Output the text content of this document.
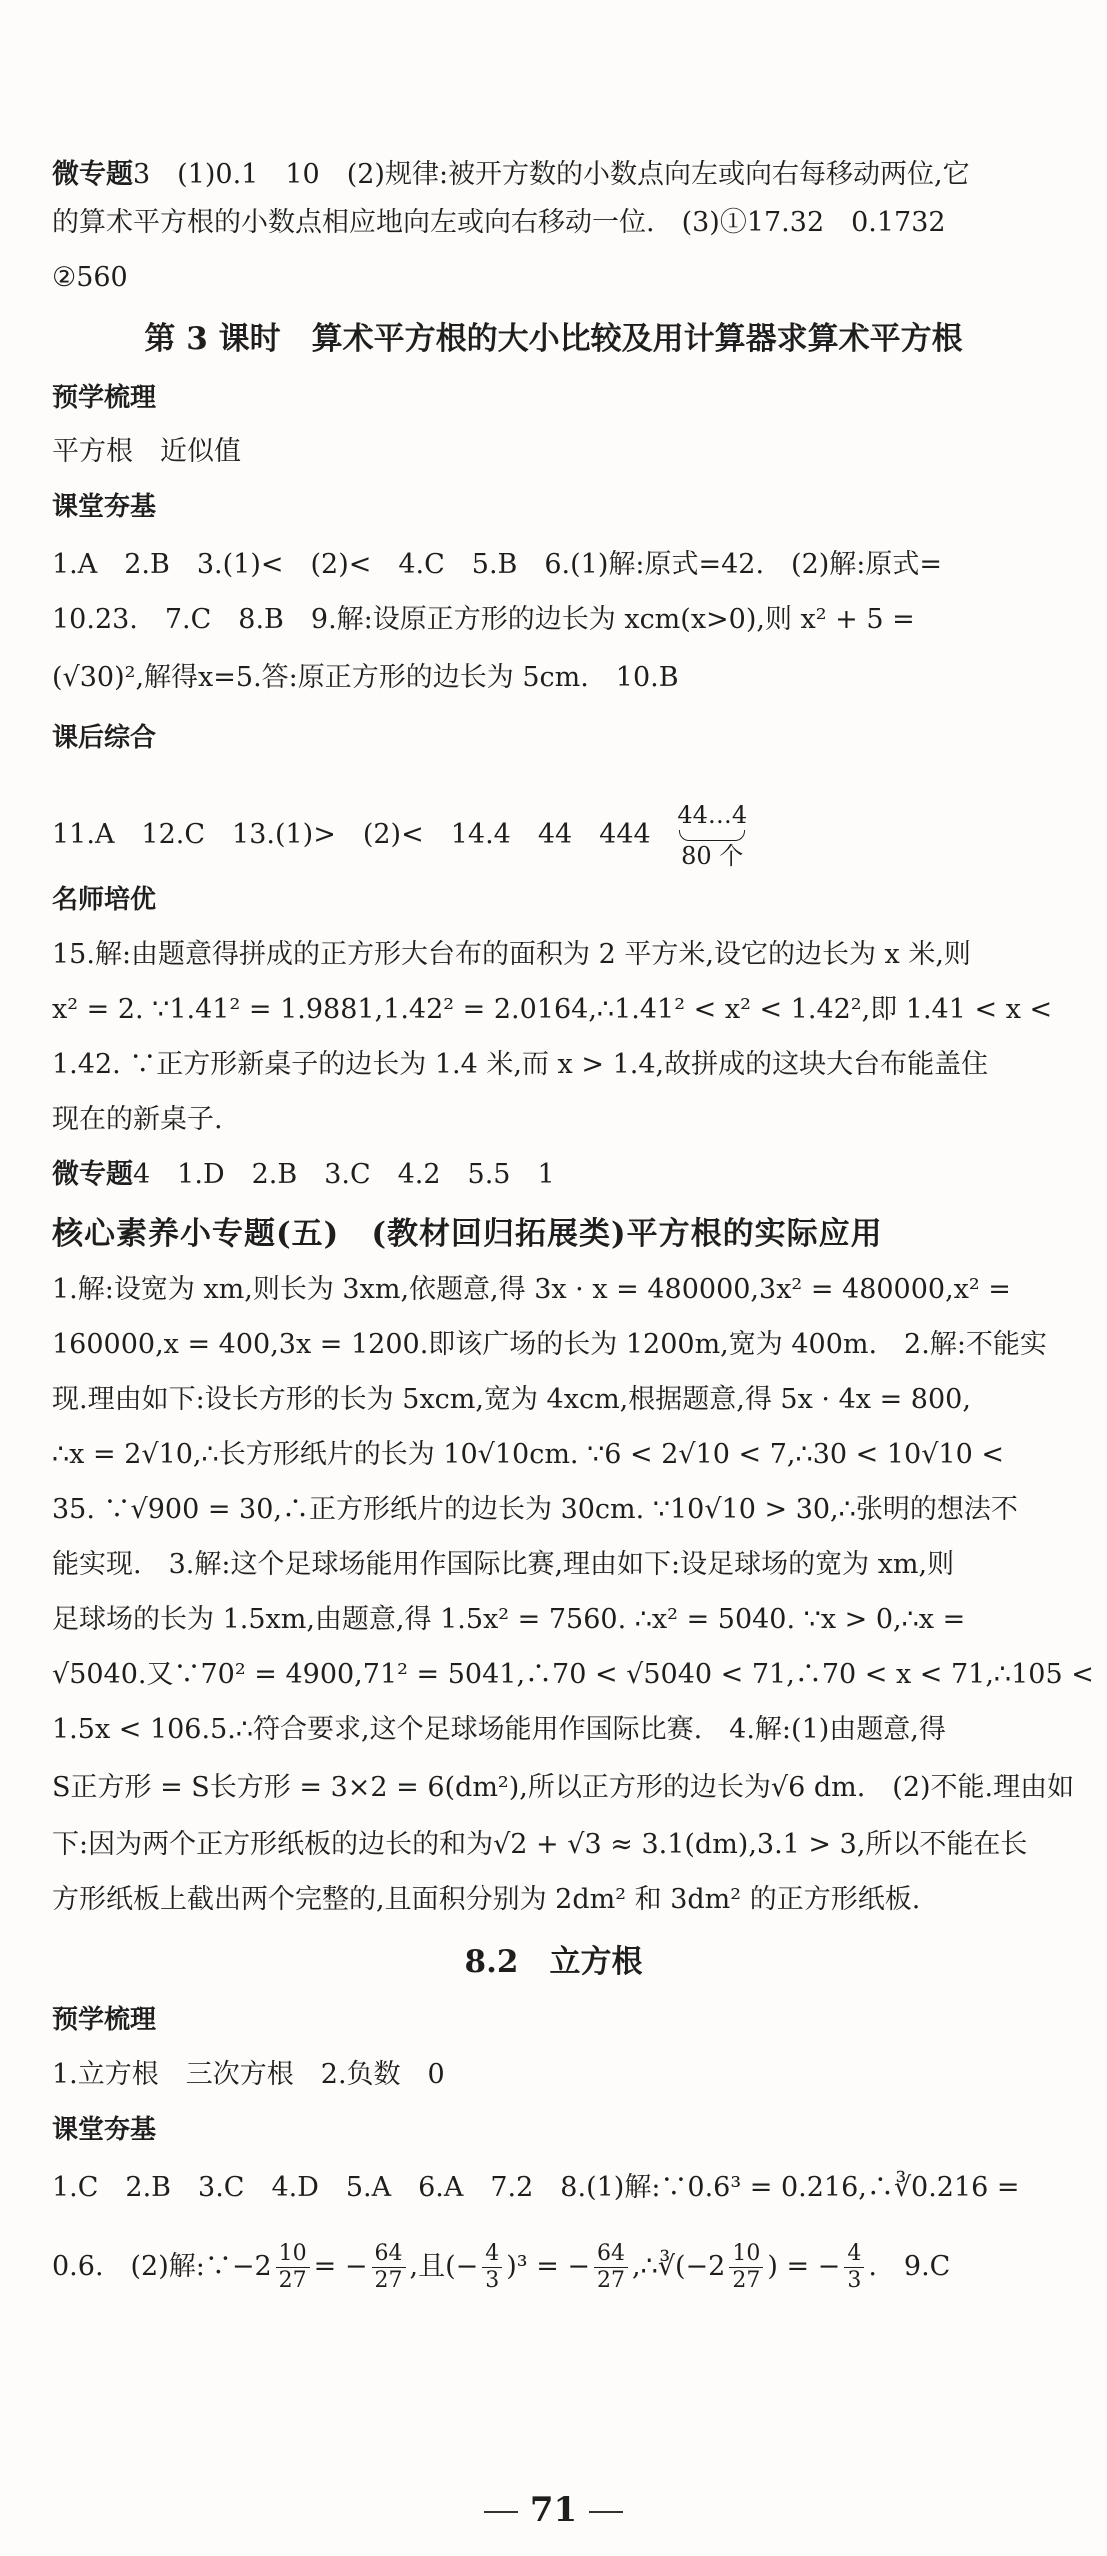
微专题3　(1)0.1　10　(2)规律:被开方数的小数点向左或向右每移动两位,它
的算术平方根的小数点相应地向左或向右移动一位.　(3)①17.32　0.1732
②560
第 3 课时　算术平方根的大小比较及用计算器求算术平方根
预学梳理
平方根　近似值
课堂夯基
1.A　2.B　3.(1)<　(2)<　4.C　5.B　6.(1)解:原式=42.　(2)解:原式=
10.23.　7.C　8.B　9.解:设原正方形的边长为 xcm(x>0),则 x² + 5 =
(√30)²,解得x=5.答:原正方形的边长为 5cm.　10.B
课后综合
11.A　12.C　13.(1)>　(2)<　14.4　44　444
44…4
80 个
名师培优
15.解:由题意得拼成的正方形大台布的面积为 2 平方米,设它的边长为 x 米,则
x² = 2. ∵1.41² = 1.9881,1.42² = 2.0164,∴1.41² < x² < 1.42²,即 1.41 < x <
1.42. ∵正方形新桌子的边长为 1.4 米,而 x > 1.4,故拼成的这块大台布能盖住
现在的新桌子.
微专题4　1.D　2.B　3.C　4.2　5.5　1
核心素养小专题(五)　(教材回归拓展类)平方根的实际应用
1.解:设宽为 xm,则长为 3xm,依题意,得 3x · x = 480000,3x² = 480000,x² =
160000,x = 400,3x = 1200.即该广场的长为 1200m,宽为 400m.　2.解:不能实
现.理由如下:设长方形的长为 5xcm,宽为 4xcm,根据题意,得 5x · 4x = 800,
∴x = 2√10,∴长方形纸片的长为 10√10cm. ∵6 < 2√10 < 7,∴30 < 10√10 <
35. ∵√900 = 30,∴正方形纸片的边长为 30cm. ∵10√10 > 30,∴张明的想法不
能实现.　3.解:这个足球场能用作国际比赛,理由如下:设足球场的宽为 xm,则
足球场的长为 1.5xm,由题意,得 1.5x² = 7560. ∴x² = 5040. ∵x > 0,∴x =
√5040.又∵70² = 4900,71² = 5041,∴70 < √5040 < 71,∴70 < x < 71,∴105 <
1.5x < 106.5.∴符合要求,这个足球场能用作国际比赛.　4.解:(1)由题意,得
S正方形 = S长方形 = 3×2 = 6(dm²),所以正方形的边长为√6 dm.　(2)不能.理由如
下:因为两个正方形纸板的边长的和为√2 + √3 ≈ 3.1(dm),3.1 > 3,所以不能在长
方形纸板上截出两个完整的,且面积分别为 2dm² 和 3dm² 的正方形纸板.
8.2　立方根
预学梳理
1.立方根　三次方根　2.负数　0
课堂夯基
1.C　2.B　3.C　4.D　5.A　6.A　7.2　8.(1)解:∵0.6³ = 0.216,∴∛0.216 =
0.6.　(2)解:∵−2 $\frac{10}{27}$ = − $\frac{64}{27}$ ,且(− $\frac{4}{3} )^3$ = − $\frac{64}{27}$ ,∴∛(−2 $\frac{10}{27}$ ) = − $\frac{4}{3}$ .　9.C
71
